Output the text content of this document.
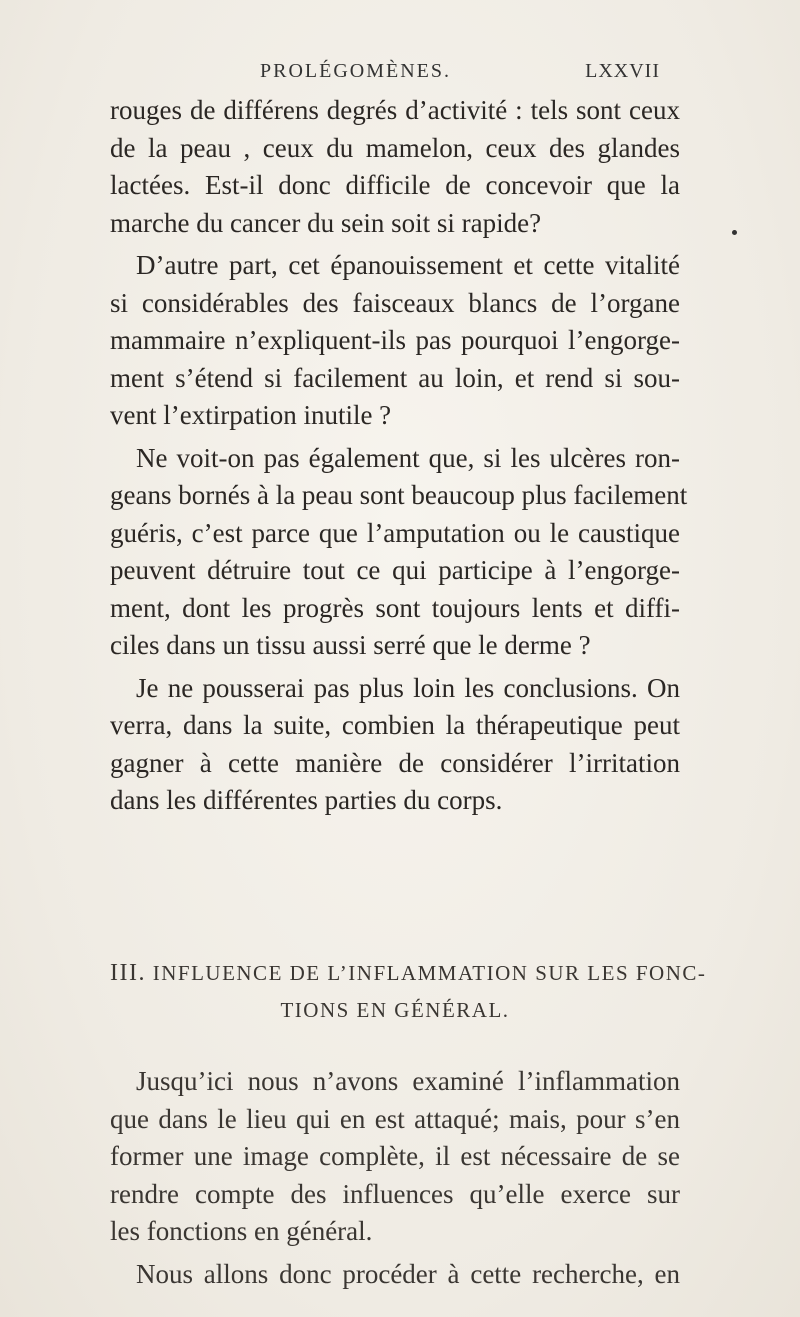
PROLÉGOMÈNES.	LXXVII
rouges de différens degrés d’activité : tels sont ceux
de la peau , ceux du mamelon, ceux des glandes
lactées. Est-il donc difficile de concevoir que la
marche du cancer du sein soit si rapide?
D’autre part, cet épanouissement et cette vitalité
si considérables des faisceaux blancs de l’organe
mammaire n’expliquent-ils pas pourquoi l’engorge-
ment s’étend si facilement au loin, et rend si sou-
vent l’extirpation inutile ?
Ne voit-on pas également que, si les ulcères ron-
geans bornés à la peau sont beaucoup plus facilement
guéris, c’est parce que l’amputation ou le caustique
peuvent détruire tout ce qui participe à l’engorge-
ment, dont les progrès sont toujours lents et diffi-
ciles dans un tissu aussi serré que le derme ?
Je ne pousserai pas plus loin les conclusions. On
verra, dans la suite, combien la thérapeutique peut
gagner à cette manière de considérer l’irritation
dans les différentes parties du corps.
III. INFLUENCE DE L’INFLAMMATION SUR LES FONC-
TIONS EN GÉNÉRAL.
Jusqu’ici nous n’avons examiné l’inflammation
que dans le lieu qui en est attaqué; mais, pour s’en
former une image complète, il est nécessaire de se
rendre compte des influences qu’elle exerce sur
les fonctions en général.
Nous allons donc procéder à cette recherche, en
